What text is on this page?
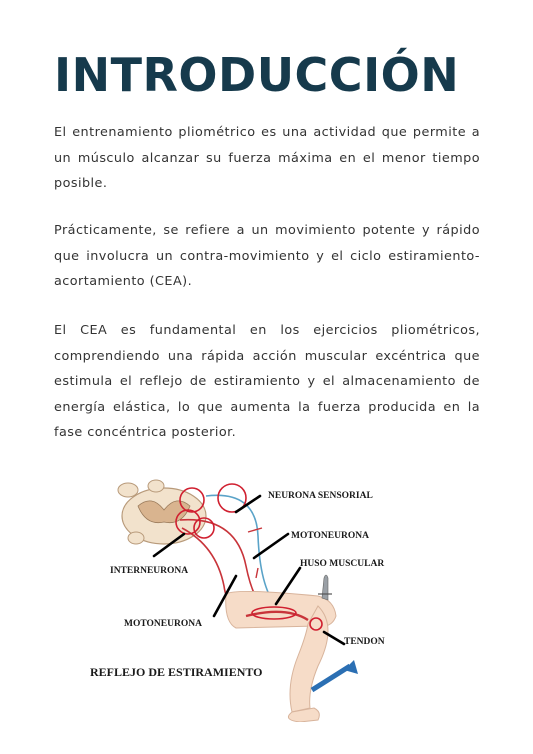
INTRODUCCIÓN

El entrenamiento pliométrico es una actividad que permite a un músculo alcanzar su fuerza máxima en el menor tiempo posible.

Prácticamente, se refiere a un movimiento potente y rápido que involucra un contra-movimiento y el ciclo estiramiento-acortamiento (CEA).

El CEA es fundamental en los ejercicios pliométricos, comprendiendo una rápida acción muscular excéntrica que estimula el reflejo de estiramiento y el almacenamiento de energía elástica, lo que aumenta la fuerza producida en la fase concéntrica posterior.

NEURONA SENSORIAL
MOTONEURONA
INTERNEURONA
HUSO MUSCULAR
MOTONEURONA
TENDON
REFLEJO DE ESTIRAMIENTO
